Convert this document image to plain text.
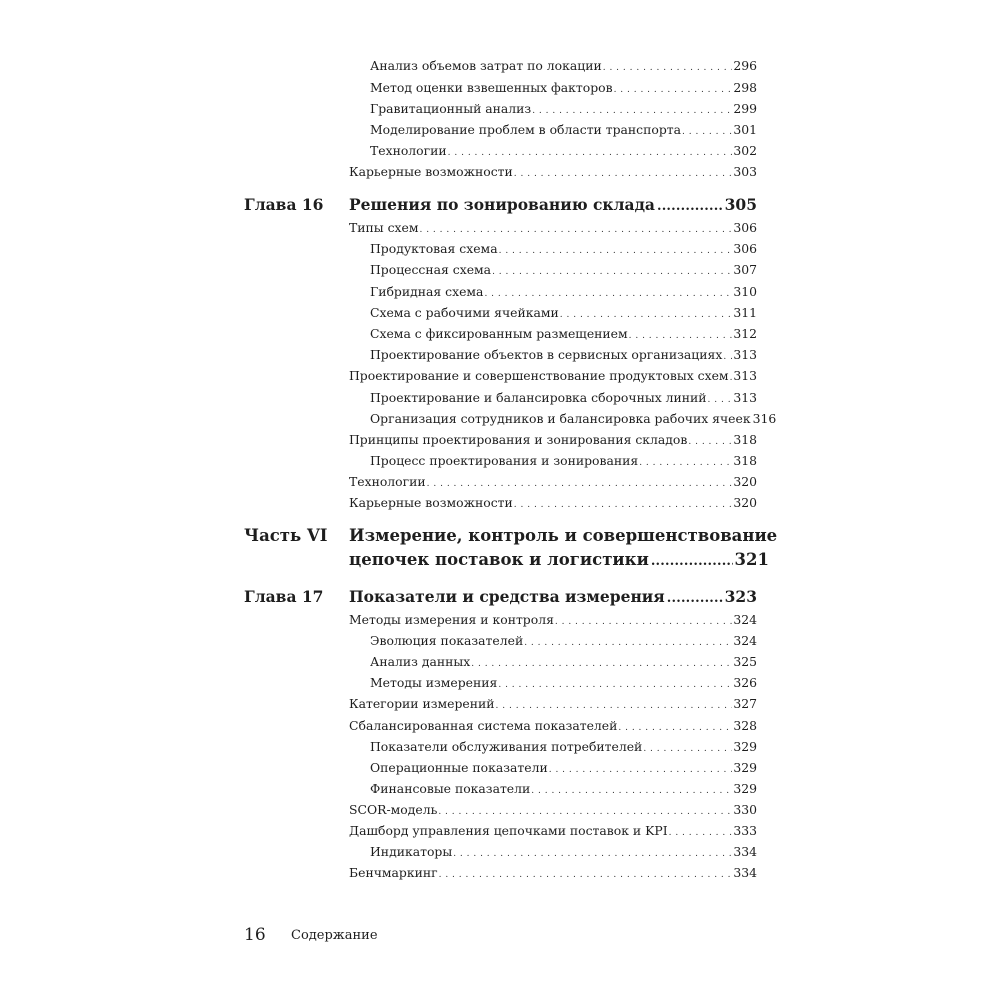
Анализ объемов затрат по локации . . .	296
Метод оценки взвешенных факторов . . .	298
Гравитационный анализ . . .	299
Моделирование проблем в области транспорта . . .	301
Технологии . . .	302
Карьерные возможности . . .	303
Глава 16 Решения по зонированию склада .....	305
Типы схем . . .	306
Продуктовая схема . . .	306
Процессная схема . . .	307
Гибридная схема . . .	310
Схема с рабочими ячейками . . .	311
Схема с фиксированным размещением . . .	312
Проектирование объектов в сервисных организациях . . . 313
Проектирование и совершенствование продуктовых схем . . . 313
Проектирование и балансировка сборочных линий . . . 313
Организация сотрудников и балансировка рабочих ячеек 316
Принципы проектирования и зонирования складов . . .	318
Процесс проектирования и зонирования . . .	318
Технологии . . .	320
Карьерные возможности . . .	320
Часть VI Измерение, контроль и совершенствование
цепочек поставок и логистики .....	321
Глава 17 Показатели и средства измерения .....	323
Методы измерения и контроля . . .	324
Эволюция показателей . . .	324
Анализ данных . . .	325
Методы измерения . . .	326
Категории измерений . . .	327
Сбалансированная система показателей . . .	328
Показатели обслуживания потребителей . . .	329
Операционные показатели . . .	329
Финансовые показатели . . .	329
SCOR-модель . . .	330
Дашборд управления цепочками поставок и KPI . . .	333
Индикаторы . . .	334
Бенчмаркинг . . .	334
16 Содержание
